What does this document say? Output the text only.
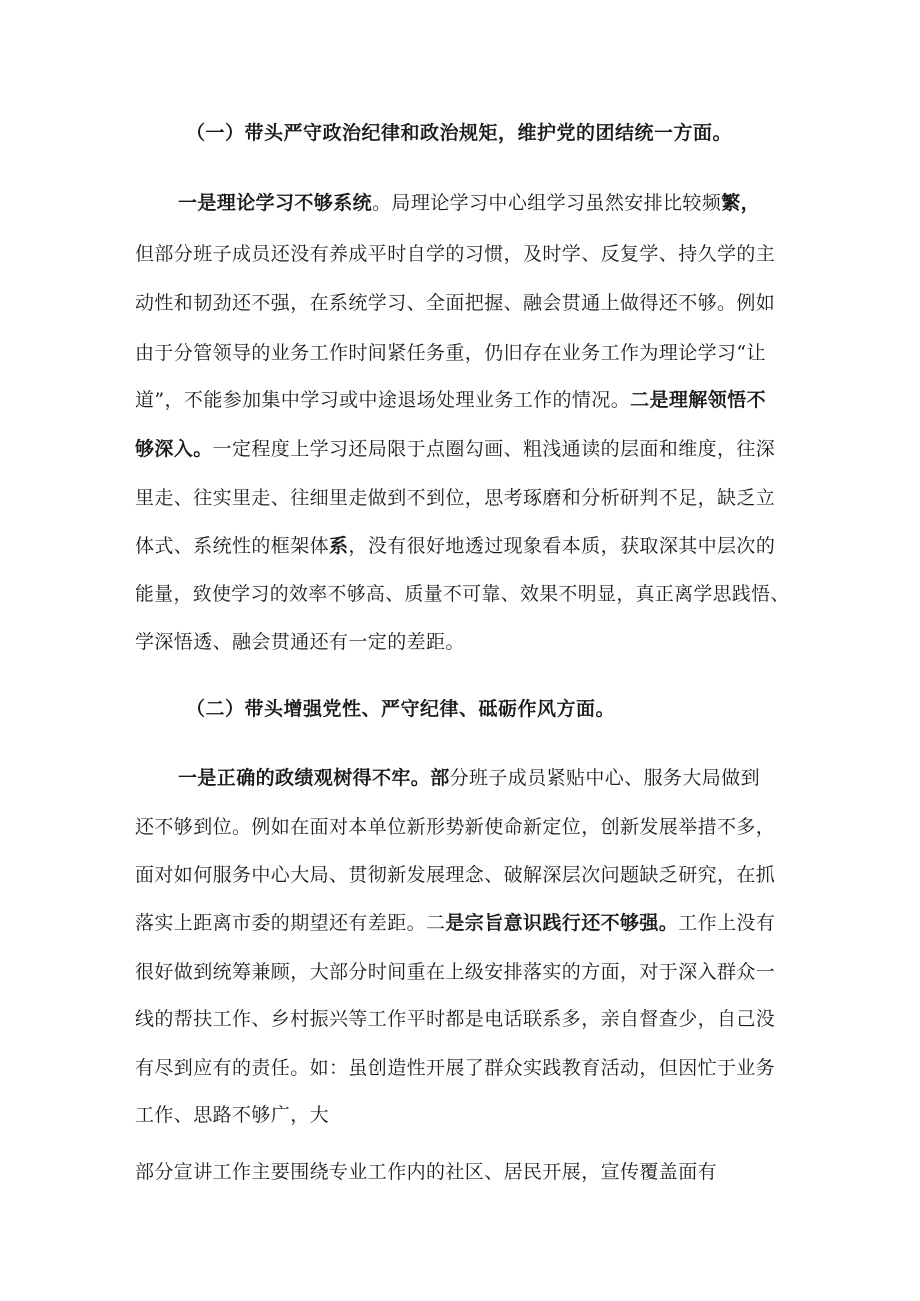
（一）带头严守政治纪律和政治规矩，维护党的团结统一方面。
一是理论学习不够系统。局理论学习中心组学习虽然安排比较频繁，
但部分班子成员还没有养成平时自学的习惯，及时学、反复学、持久学的主
动性和韧劲还不强，在系统学习、全面把握、融会贯通上做得还不够。例如
由于分管领导的业务工作时间紧任务重，仍旧存在业务工作为理论学习“让
道”，不能参加集中学习或中途退场处理业务工作的情况。二是理解领悟不
够深入。一定程度上学习还局限于点圈勾画、粗浅通读的层面和维度，往深
里走、往实里走、往细里走做到不到位，思考琢磨和分析研判不足，缺乏立
体式、系统性的框架体系，没有很好地透过现象看本质，获取深其中层次的
能量，致使学习的效率不够高、质量不可靠、效果不明显，真正离学思践悟、
学深悟透、融会贯通还有一定的差距。
（二）带头增强党性、严守纪律、砥砺作风方面。
一是正确的政绩观树得不牢。部分班子成员紧贴中心、服务大局做到
还不够到位。例如在面对本单位新形势新使命新定位，创新发展举措不多，
面对如何服务中心大局、贯彻新发展理念、破解深层次问题缺乏研究，在抓
落实上距离市委的期望还有差距。二是宗旨意识践行还不够强。工作上没有
很好做到统筹兼顾，大部分时间重在上级安排落实的方面，对于深入群众一
线的帮扶工作、乡村振兴等工作平时都是电话联系多，亲自督查少，自己没
有尽到应有的责任。如：虽创造性开展了群众实践教育活动，但因忙于业务
工作、思路不够广，大
部分宣讲工作主要围绕专业工作内的社区、居民开展，宣传覆盖面有
